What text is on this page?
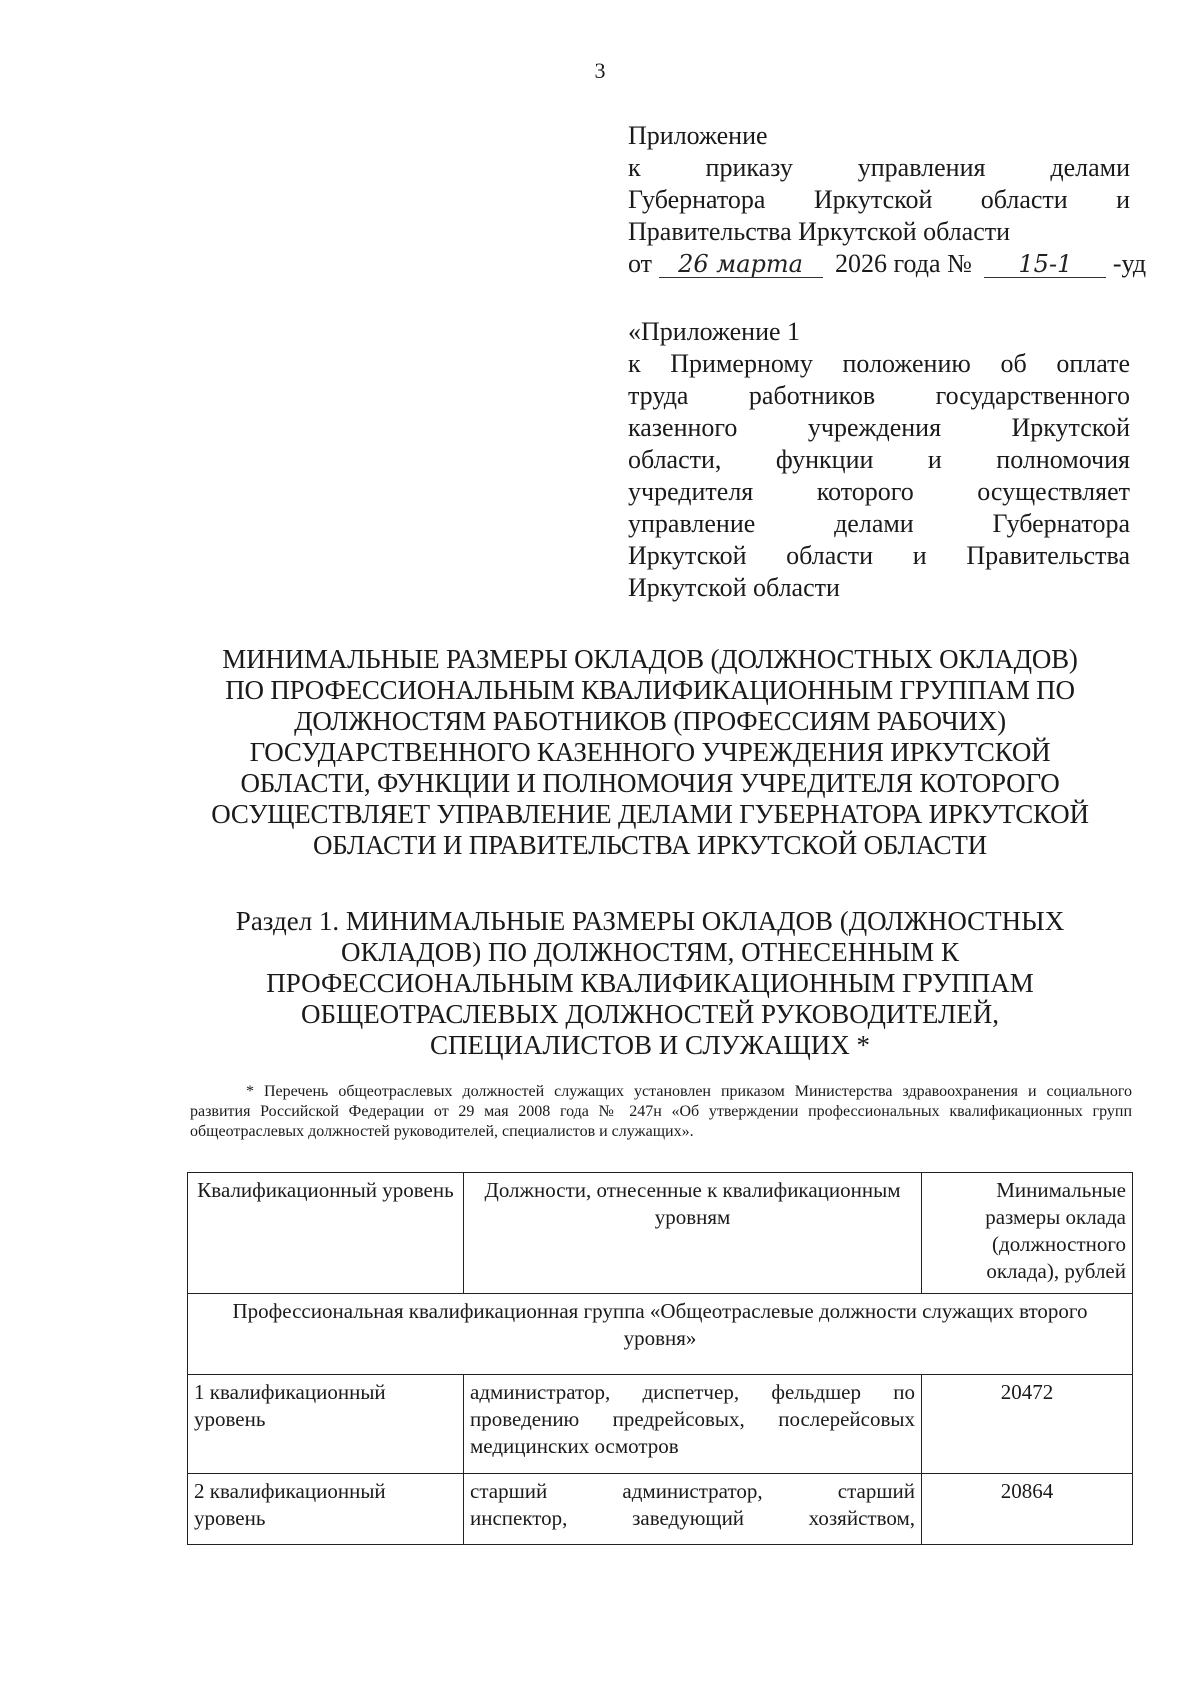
3
Приложение
к приказу управления делами
Губернатора Иркутской области и
Правительства Иркутской области
от 26 марта 2026 года № 15-1 -уд
«Приложение 1
к Примерному положению об оплате
труда работников государственного
казенного учреждения Иркутской
области, функции и полномочия
учредителя которого осуществляет
управление делами Губернатора
Иркутской области и Правительства
Иркутской области
МИНИМАЛЬНЫЕ РАЗМЕРЫ ОКЛАДОВ (ДОЛЖНОСТНЫХ ОКЛАДОВ)
ПО ПРОФЕССИОНАЛЬНЫМ КВАЛИФИКАЦИОННЫМ ГРУППАМ ПО
ДОЛЖНОСТЯМ РАБОТНИКОВ (ПРОФЕССИЯМ РАБОЧИХ)
ГОСУДАРСТВЕННОГО КАЗЕННОГО УЧРЕЖДЕНИЯ ИРКУТСКОЙ
ОБЛАСТИ, ФУНКЦИИ И ПОЛНОМОЧИЯ УЧРЕДИТЕЛЯ КОТОРОГО
ОСУЩЕСТВЛЯЕТ УПРАВЛЕНИЕ ДЕЛАМИ ГУБЕРНАТОРА ИРКУТСКОЙ
ОБЛАСТИ И ПРАВИТЕЛЬСТВА ИРКУТСКОЙ ОБЛАСТИ
Раздел 1. МИНИМАЛЬНЫЕ РАЗМЕРЫ ОКЛАДОВ (ДОЛЖНОСТНЫХ
ОКЛАДОВ) ПО ДОЛЖНОСТЯМ, ОТНЕСЕННЫМ К
ПРОФЕССИОНАЛЬНЫМ КВАЛИФИКАЦИОННЫМ ГРУППАМ
ОБЩЕОТРАСЛЕВЫХ ДОЛЖНОСТЕЙ РУКОВОДИТЕЛЕЙ,
СПЕЦИАЛИСТОВ И СЛУЖАЩИХ *
* Перечень общеотраслевых должностей служащих установлен приказом Министерства здравоохранения и социального развития Российской Федерации от 29 мая 2008 года № 247н «Об утверждении профессиональных квалификационных групп общеотраслевых должностей руководителей, специалистов и служащих».
Квалификационный уровень	Должности, отнесенные к квалификационным уровням	Минимальные
размеры оклада
(должностного
оклада), рублей

Профессиональная квалификационная группа «Общеотраслевые должности служащих второго уровня»		
1 квалификационный уровень	администратор, диспетчер, фельдшер по
проведению предрейсовых, послерейсовых
медицинских осмотров	20472
2 квалификационный уровень	старший администратор, старший
инспектор, заведующий хозяйством,	20864
